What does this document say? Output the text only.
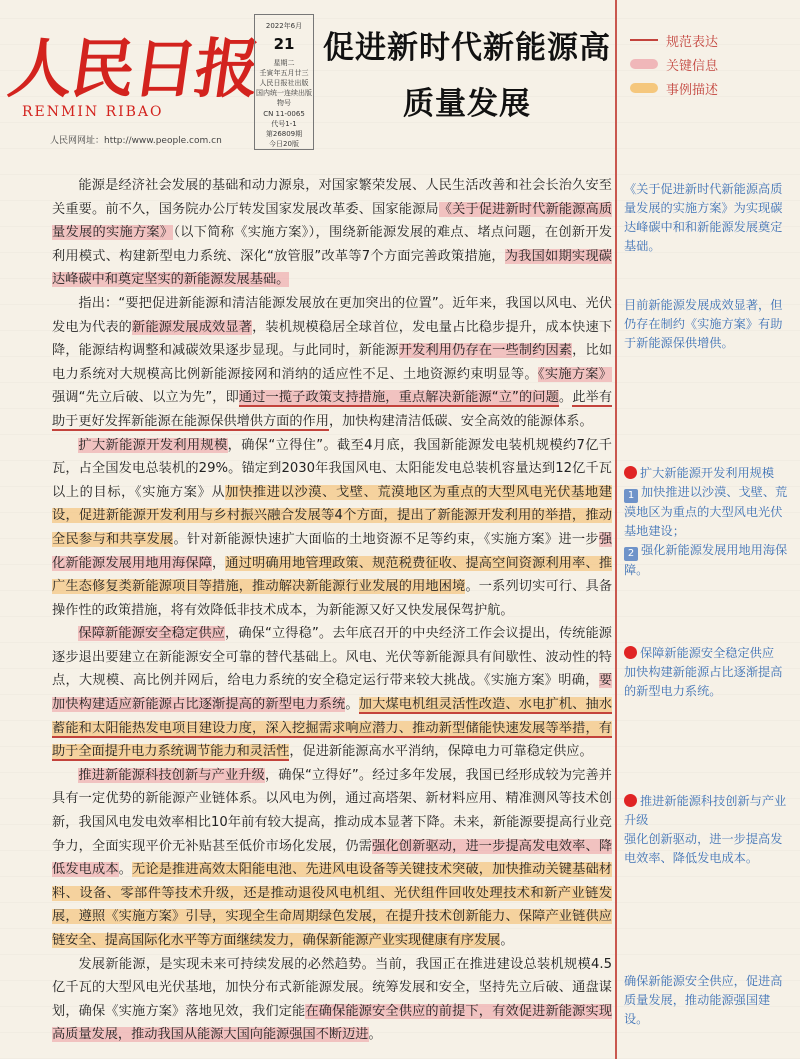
人民日报
RENMIN RIBAO
人民网网址：http://www.people.com.cn
2022年6月
21
星期二
壬寅年五月廿三
人民日报社出版
国内统一连续出版物号
CN 11-0065
代号1-1
第26809期
今日20版
促进新时代新能源高质量发展
规范表达
关键信息
事例描述

能源是经济社会发展的基础和动力源泉，对国家繁荣发展、人民生活改善和社会长治久安至关重要。前不久，国务院办公厅转发国家发展改革委、国家能源局《关于促进新时代新能源高质量发展的实施方案》（以下简称《实施方案》），围绕新能源发展的难点、堵点问题，在创新开发利用模式、构建新型电力系统、深化“放管服”改革等7个方面完善政策措施，为我国如期实现碳达峰碳中和奠定坚实的新能源发展基础。

指出：“要把促进新能源和清洁能源发展放在更加突出的位置”。近年来，我国以风电、光伏发电为代表的新能源发展成效显著，装机规模稳居全球首位，发电量占比稳步提升，成本快速下降，能源结构调整和减碳效果逐步显现。与此同时，新能源开发利用仍存在一些制约因素，比如电力系统对大规模高比例新能源接网和消纳的适应性不足、土地资源约束明显等。《实施方案》强调“先立后破、以立为先”，即通过一揽子政策支持措施，重点解决新能源“立”的问题。此举有助于更好发挥新能源在能源保供增供方面的作用，加快构建清洁低碳、安全高效的能源体系。

扩大新能源开发利用规模，确保“立得住”。截至4月底，我国新能源发电装机规模约7亿千瓦，占全国发电总装机的29%。锚定到2030年我国风电、太阳能发电总装机容量达到12亿千瓦以上的目标，《实施方案》从加快推进以沙漠、戈壁、荒漠地区为重点的大型风电光伏基地建设，促进新能源开发利用与乡村振兴融合发展等4个方面，提出了新能源开发利用的举措，推动全民参与和共享发展。针对新能源快速扩大面临的土地资源不足等约束，《实施方案》进一步强化新能源发展用地用海保障，通过明确用地管理政策、规范税费征收、提高空间资源利用率、推广生态修复类新能源项目等措施，推动解决新能源行业发展的用地困境。一系列切实可行、具备操作性的政策措施，将有效降低非技术成本，为新能源又好又快发展保驾护航。

保障新能源安全稳定供应，确保“立得稳”。去年底召开的中央经济工作会议提出，传统能源逐步退出要建立在新能源安全可靠的替代基础上。风电、光伏等新能源具有间歇性、波动性的特点，大规模、高比例并网后，给电力系统的安全稳定运行带来较大挑战。《实施方案》明确，要加快构建适应新能源占比逐渐提高的新型电力系统。加大煤电机组灵活性改造、水电扩机、抽水蓄能和太阳能热发电项目建设力度，深入挖掘需求响应潜力、推动新型储能快速发展等举措，有助于全面提升电力系统调节能力和灵活性，促进新能源高水平消纳，保障电力可靠稳定供应。

推进新能源科技创新与产业升级，确保“立得好”。经过多年发展，我国已经形成较为完善并具有一定优势的新能源产业链体系。以风电为例，通过高塔架、新材料应用、精准测风等技术创新，我国风电发电效率相比10年前有较大提高，推动成本显著下降。未来，新能源要提高行业竞争力，全面实现平价无补贴甚至低价市场化发展，仍需强化创新驱动，进一步提高发电效率、降低发电成本。无论是推进高效太阳能电池、先进风电设备等关键技术突破，加快推动关键基础材料、设备、零部件等技术升级，还是推动退役风电机组、光伏组件回收处理技术和新产业链发展，遵照《实施方案》引导，实现全生命周期绿色发展，在提升技术创新能力、保障产业链供应链安全、提高国际化水平等方面继续发力，确保新能源产业实现健康有序发展。

发展新能源，是实现未来可持续发展的必然趋势。当前，我国正在推进建设总装机规模4.5亿千瓦的大型风电光伏基地，加快分布式新能源发展。统筹发展和安全，坚持先立后破、通盘谋划，确保《实施方案》落地见效，我们定能在确保能源安全供应的前提下，有效促进新能源实现高质量发展，推动我国从能源大国向能源强国不断迈进。

《关于促进新时代新能源高质量发展的实施方案》为实现碳达峰碳中和和新能源发展奠定基础。
目前新能源发展成效显著，但仍存在制约《实施方案》有助于新能源保供增供。
扩大新能源开发利用规模
1 加快推进以沙漠、戈壁、荒漠地区为重点的大型风电光伏基地建设；
2 强化新能源发展用地用海保障。
保障新能源安全稳定供应
加快构建新能源占比逐渐提高的新型电力系统。
推进新能源科技创新与产业升级
强化创新驱动，进一步提高发电效率、降低发电成本。
确保新能源安全供应，促进高质量发展，推动能源强国建设。
